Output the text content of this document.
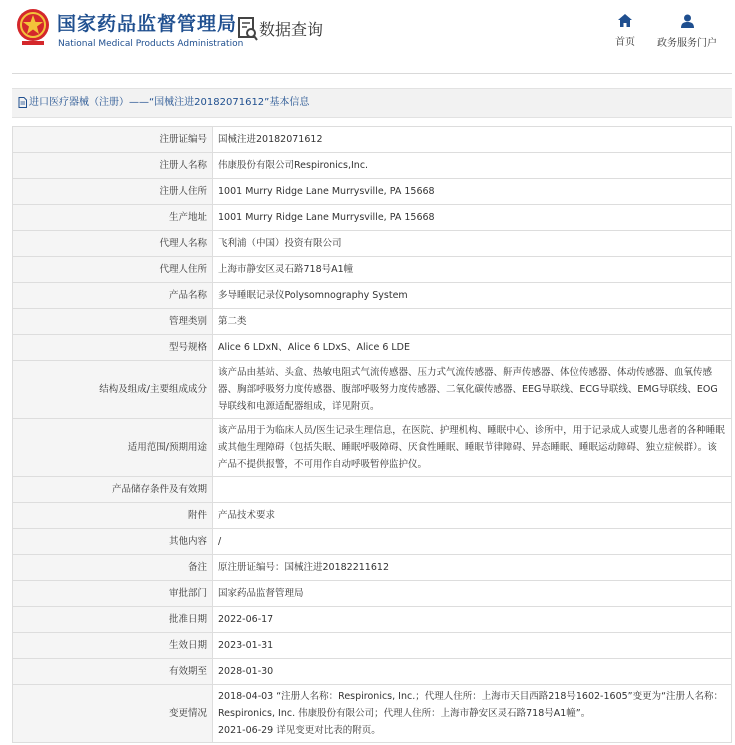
国家药品监督管理局
National Medical Products Administration
数据查询
首页	政务服务门户
进口医疗器械（注册）——“国械注进20182071612”基本信息
注册证编号	国械注进20182071612
注册人名称	伟康股份有限公司Respironics,Inc.
注册人住所	1001 Murry Ridge Lane Murrysville, PA 15668
生产地址	1001 Murry Ridge Lane Murrysville, PA 15668
代理人名称	飞利浦（中国）投资有限公司
代理人住所	上海市静安区灵石路718号A1幢
产品名称	多导睡眠记录仪Polysomnography System
管理类别	第二类
型号规格	Alice 6 LDxN、Alice 6 LDxS、Alice 6 LDE
结构及组成/主要组成成分	该产品由基站、头盒、热敏电阻式气流传感器、压力式气流传感器、鼾声传感器、体位传感器、体动传感器、血氧传感器、胸部呼吸努力度传感器、腹部呼吸努力度传感器、二氧化碳传感器、EEG导联线、ECG导联线、EMG导联线、EOG导联线和电源适配器组成，详见附页。
适用范围/预期用途	该产品用于为临床人员/医生记录生理信息，在医院、护理机构、睡眠中心、诊所中，用于记录成人或婴儿患者的各种睡眠或其他生理障碍（包括失眠、睡眠呼吸障碍、厌食性睡眠、睡眠节律障碍、异态睡眠、睡眠运动障碍、独立症候群）。该产品不提供报警，不可用作自动呼吸暂停监护仪。
产品储存条件及有效期	
附件	产品技术要求
其他内容	/
备注	原注册证编号：国械注进20182211612
审批部门	国家药品监督管理局
批准日期	2022-06-17
生效日期	2023-01-31
有效期至	2028-01-30
变更情况	2018-04-03 “注册人名称：Respironics, Inc.；代理人住所：上海市天目西路218号1602-1605”变更为“注册人名称：Respironics, Inc. 伟康股份有限公司；代理人住所：上海市静安区灵石路718号A1幢”。
2021-06-29 详见变更对比表的附页。
